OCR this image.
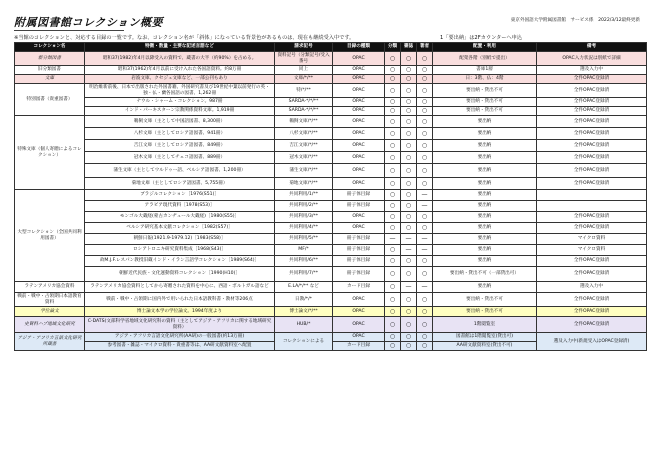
附属図書館コレクション概要	東京外国語大学附属図書館　サービス係　2022/3/12最終更新
※当館のコレクションと、対応する目録の一覧です。なお、コレクション名が「斜体」になっている背景色があるものは、現在も継続受入中です。	1「要出納」は2Fカウンターへ申込
コレクション名	特徴・数量・主要な記述言語など	請求記号	目録の種類	分類	書誌	著者	配置・利用	備考
新分類図書	昭和37(1982)年4月以降受入の資料で、蔵書の大半（約90%）を占める。	資料記号（分類記号/受入番号	OPAC	○	○	○	配架各階（別紙で提出）	OPAC入力状況は別紙で詳細
旧分類図書	昭和37(1962)年4月以前に受け入れた各国語資料。約8万冊	同上	OPAC	○	○	○	書庫1層	遡及入力中
文庫	岩波文庫、クセジュ文庫など、一部公刊もあり	文庫/*/**	OPAC	○	○	○	日：3階、仏：4階	全件OPAC登録済
特別図書（貴重図書）	明治維新前後、日本で出版された外国書籍、外国研究書及び19世紀中葉以前発行の英・独・仏・蘭各国語の図書、1,262冊	特/*/**	OPAC	○	○	○	要出納・貸出不可	全件OPAC登録済
	ナウル・シャーム・コレクション。987冊	SARDA-*/*/**	OPAC	○	○	○	要出納・貸出不可	全件OPAC登録済
	インド・パーキスターン宗教関係資料文庫。1,919冊	SARDA-*/*/**	OPAC	○	○	○	要出納・貸出不可	全件OPAC登録済
特殊文庫（個人寄贈によるコレクション）	鵜飼文庫（主として中国語図書、8,300冊）	鵜飼文庫/*/**	OPAC	○	○	○	要出納	全件OPAC登録済
	八杉文庫（主としてロシア語図書、941冊）	八杉文庫/*/**	OPAC	○	○	○	要出納	全件OPAC登録済
	吉江文庫（主としてロシア語図書、849冊）	吉江文庫/*/**	OPAC	○	○	○	要出納	全件OPAC登録済
	冠木文庫（主としてチェコ語図書、889冊）	冠木文庫/*/**	OPAC	○	○	○	要出納	全件OPAC登録済
	蒲生文庫（主としてウルドゥー語、ベルシア語図書、1,200冊）	蒲生文庫/*/**	OPAC	○	○	○	要出納	全件OPAC登録済
	菊地文庫（主としてロシア語図書、5,755冊）	菊地文庫/*/**	OPAC	○	○	○	要出納	全件OPAC登録済
大型コレクション（全国共同利用図書）	ブラジルコレクション［1976(S51)］	共同利用/1/**	冊子体目録	○	○	—	要出納	
	アラビア現代資料［1978(S53)］	共同利用/2/**	冊子体目録	○	○	—	要出納	
	モンゴル大蔵経(蒙古カンヂュール大蔵経)［1980(S55)］	共同利用/3/**	OPAC	○	○	○	要出納	全件OPAC登録済
	ベルシア研究基本文献コレクション［1982(S57)］	共同利用/4/**	OPAC	○	○	○	要出納	全件OPAC登録済
	朝鮮日報(1921.9-1979.12)［1983(S58)］	共同利用/5/**	冊子体目録	—	—	—	要出納	マイクロ資料
	ロシアトロニキ研究資料集成［1968(S43)］	MF/*	冊子体目録	○	—	—	要出納	マイクロ資料
	故M.J.F.レスパン教授旧蔵インド・イラン言語学コレクション［1989(S64)］	共同利用/6/**	冊子体目録	○	○	○	要出納	全件OPAC登録済
	朝鮮近代民族・文化運動資料コレクション［1990(H10)］	共同利用/7/**	冊子体目録	○	○	○	要出納・貸出不可（一部貸出可）	全件OPAC登録済
ラテンアメリカ協会資料	ラテンアメリカ協会資料としてから寄贈された資料を中心に、西語・ポルトガル語など	E.LA/*/** など	カード目録	○	—	—	要出納	遡及入力中
戦前・戦中・占領期日本語教育資料	戦前・戦中・占領期に国内外で用いられた日本語教科書・教材等206点	日教/*/*	OPAC	○	○	○	要出納・貸出不可	全件OPAC登録済
学位論文	博士論文本学の学位論文。1994年度より	博士論文/*/**	OPAC	○	○	○	要出納・貸出不可	全件OPAC登録済
史資料ハブ地域文化研究	C-DATS(文部科学省地域文化研究科の資料（主としてアジア・アフリカに関する地域研究資料）	HUB/*	OPAC	○	○	○	1階閲覧室	全件OPAC登録済
アジア・アフリカ言語文化研究所蔵書	アジア・アフリカ言語文化研究所(AA研)の一般図書(約13万冊)	コレクションによる	OPAC	○	○	○	図書館は1階閲覧室(貸出可)	遡及入力中(新規受入はOPAC登録済)
	参考図書・雑誌・マイクロ資料・貴重書等は、AA研文献資料室へ配置		カード目録	○	○	○	AA研文献資料室(貸出不可)	
